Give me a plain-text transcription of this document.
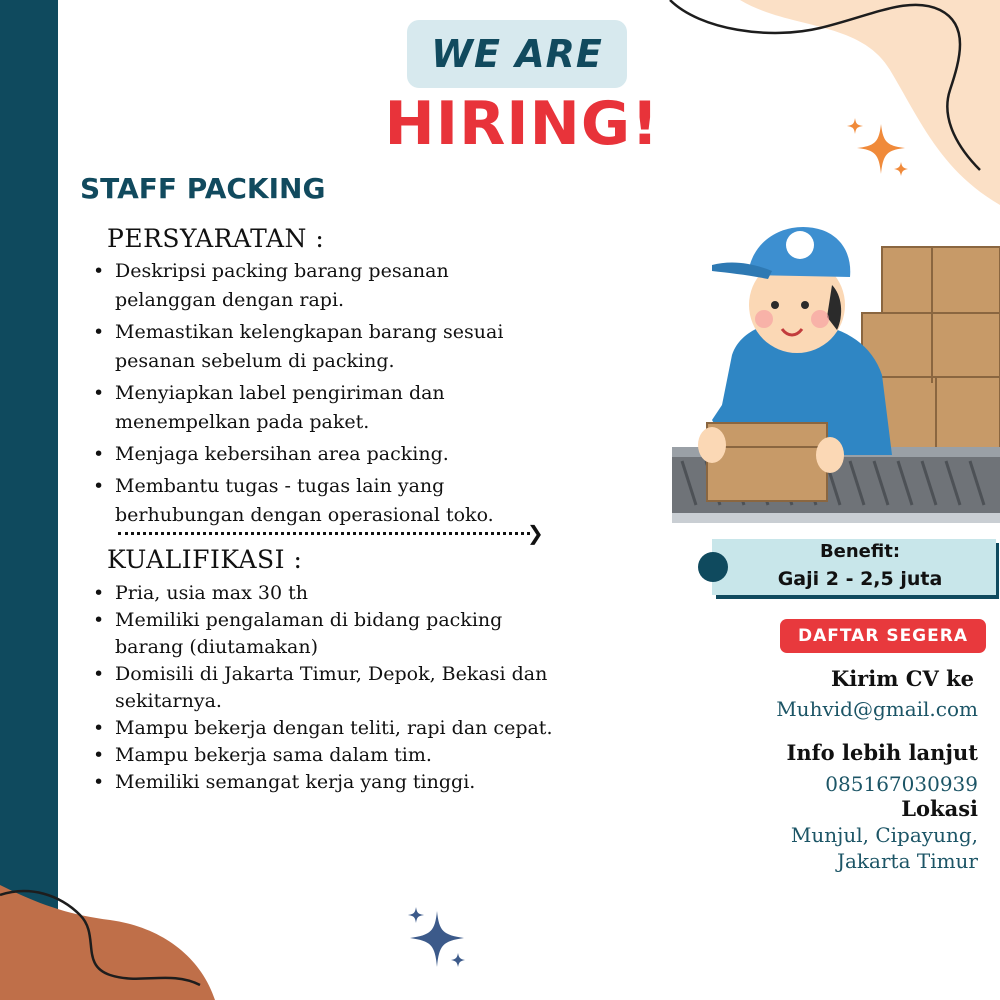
WE ARE
HIRING!
STAFF PACKING
PERSYARATAN :
• Deskripsi packing barang pesanan pelanggan dengan rapi.
• Memastikan kelengkapan barang sesuai pesanan sebelum di packing.
• Menyiapkan label pengiriman dan menempelkan pada paket.
• Menjaga kebersihan area packing.
• Membantu tugas - tugas lain yang berhubungan dengan operasional toko.
❯
KUALIFIKASI :
• Pria, usia max 30 th
• Memiliki pengalaman di bidang packing barang (diutamakan)
• Domisili di Jakarta Timur, Depok, Bekasi dan sekitarnya.
• Mampu bekerja dengan teliti, rapi dan cepat.
• Mampu bekerja sama dalam tim.
• Memiliki semangat kerja yang tinggi.
Benefit:
Gaji 2 - 2,5 juta
DAFTAR SEGERA
Kirim CV ke
Muhvid@gmail.com
Info lebih lanjut
085167030939
Lokasi
Munjul, Cipayung,
Jakarta Timur
